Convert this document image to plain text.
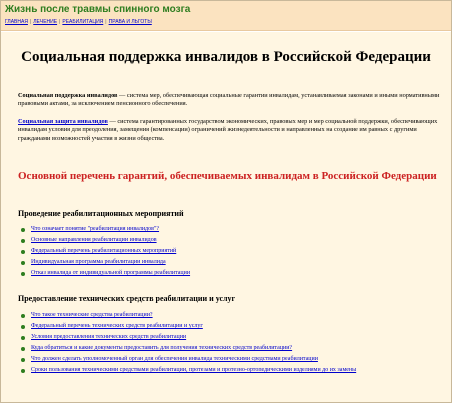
Жизнь после травмы спинного мозга
ГЛАВНАЯ | ЛЕЧЕНИЕ | РЕАБИЛИТАЦИЯ | ПРАВА И ЛЬГОТЫ
Социальная поддержка инвалидов в Российской Федерации

Социальная поддержка инвалидов — система мер, обеспечивающая социальные гарантии инвалидам, устанавливаемая законами и иными нормативными правовыми актами, за исключением пенсионного обеспечения.

Социальная защита инвалидов — система гарантированных государством экономических, правовых мер и мер социальной поддержки, обеспечивающих инвалидам условия для преодоления, замещения (компенсации) ограничений жизнедеятельности и направленных на создание им равных с другими гражданами возможностей участия в жизни общества.

Основной перечень гарантий, обеспечиваемых инвалидам в Российской Федерации
Проведение реабилитационных мероприятий
Что означает понятие "реабилитация инвалидов"?
Основные направления реабилитации инвалидов
Федеральный перечень реабилитационных мероприятий
Индивидуальная программа реабилитации инвалида
Отказ инвалида от индивидуальной программы реабилитации
Предоставление технических средств реабилитации и услуг
Что такое технические средства реабилитации?
Федеральный перечень технических средств реабилитации и услуг
Условия предоставления технических средств реабилитации
Куда обратиться и какие документы предоставить для получения технических средств реабилитации?
Что должен сделать уполномоченный орган для обеспечения инвалида техническими средствами реабилитации
Сроки пользования техническими средствами реабилитации, протезами и протезно-ортопедическими изделиями до их замены
